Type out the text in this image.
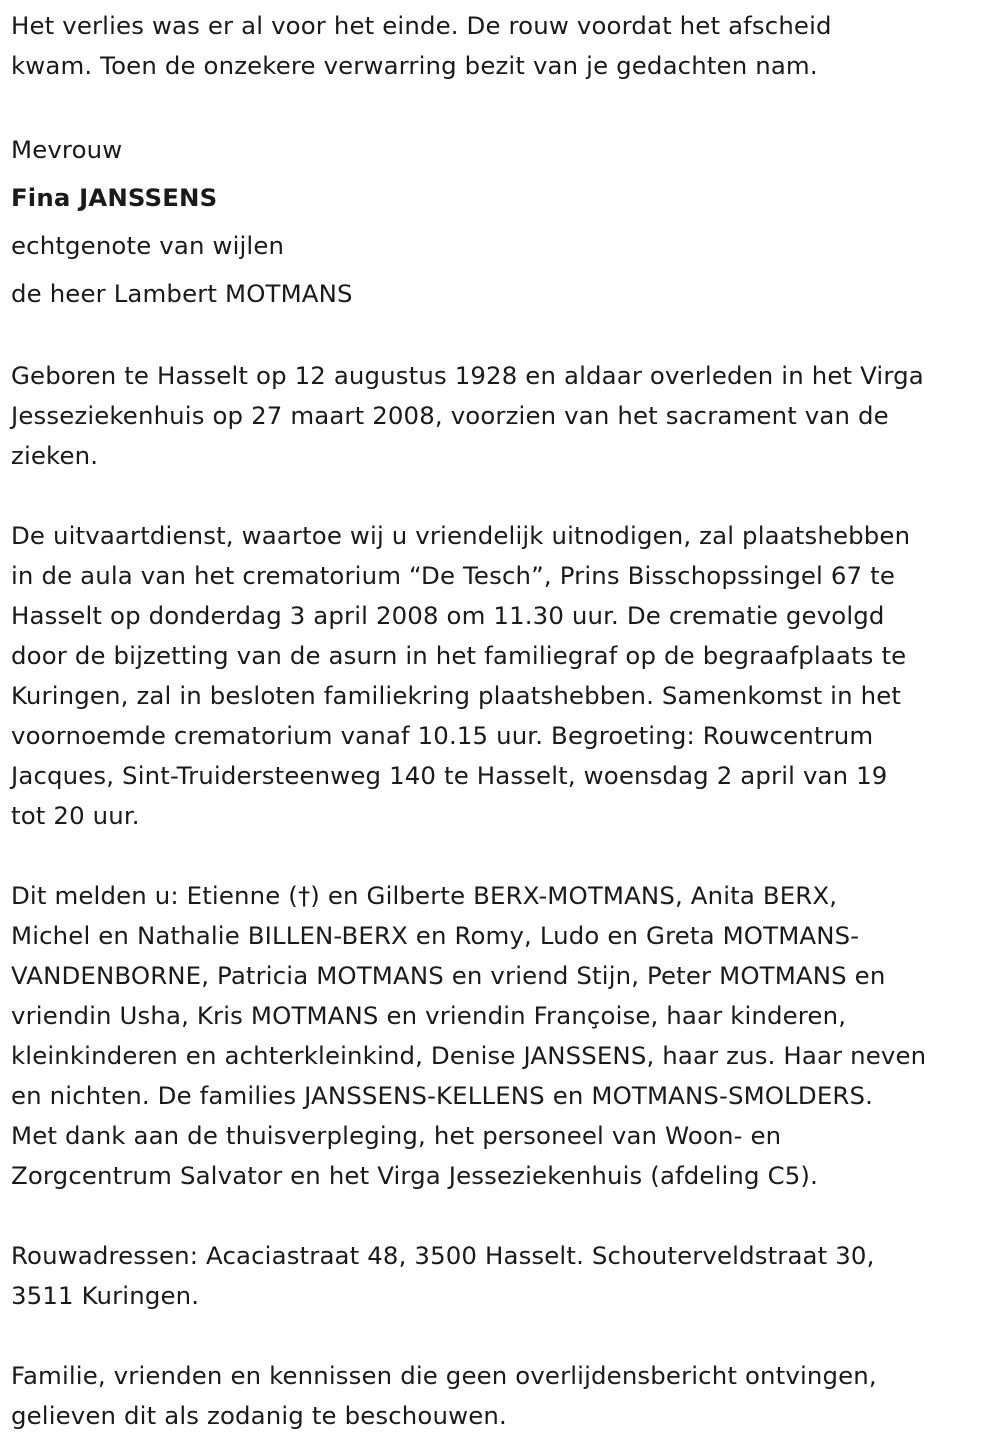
Het verlies was er al voor het einde. De rouw voordat het afscheid
kwam. Toen de onzekere verwarring bezit van je gedachten nam.

Mevrouw
Fina JANSSENS
echtgenote van wijlen
de heer Lambert MOTMANS

Geboren te Hasselt op 12 augustus 1928 en aldaar overleden in het Virga
Jesseziekenhuis op 27 maart 2008, voorzien van het sacrament van de
zieken.

De uitvaartdienst, waartoe wij u vriendelijk uitnodigen, zal plaatshebben
in de aula van het crematorium “De Tesch”, Prins Bisschopssingel 67 te
Hasselt op donderdag 3 april 2008 om 11.30 uur. De crematie gevolgd
door de bijzetting van de asurn in het familiegraf op de begraafplaats te
Kuringen, zal in besloten familiekring plaatshebben. Samenkomst in het
voornoemde crematorium vanaf 10.15 uur. Begroeting: Rouwcentrum
Jacques, Sint-Truidersteenweg 140 te Hasselt, woensdag 2 april van 19
tot 20 uur.

Dit melden u: Etienne (†) en Gilberte BERX-MOTMANS, Anita BERX,
Michel en Nathalie BILLEN-BERX en Romy, Ludo en Greta MOTMANS-
VANDENBORNE, Patricia MOTMANS en vriend Stijn, Peter MOTMANS en
vriendin Usha, Kris MOTMANS en vriendin Françoise, haar kinderen,
kleinkinderen en achterkleinkind, Denise JANSSENS, haar zus. Haar neven
en nichten. De families JANSSENS-KELLENS en MOTMANS-SMOLDERS.
Met dank aan de thuisverpleging, het personeel van Woon- en
Zorgcentrum Salvator en het Virga Jesseziekenhuis (afdeling C5).

Rouwadressen: Acaciastraat 48, 3500 Hasselt. Schouterveldstraat 30,
3511 Kuringen.

Familie, vrienden en kennissen die geen overlijdensbericht ontvingen,
gelieven dit als zodanig te beschouwen.
